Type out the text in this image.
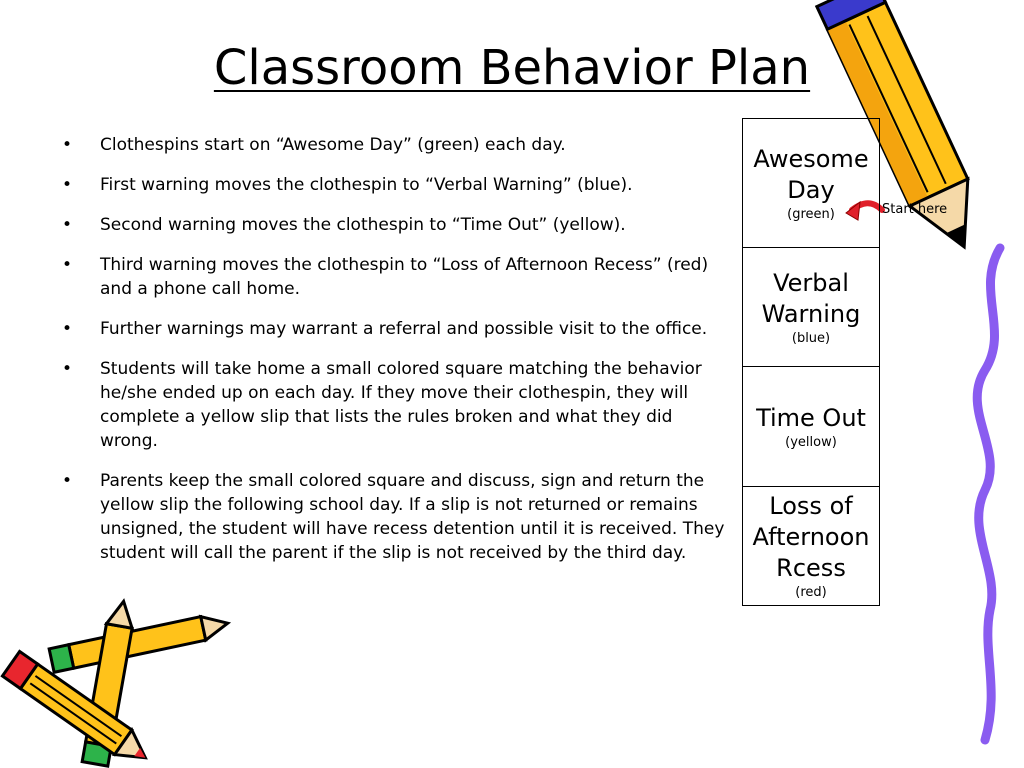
Classroom Behavior Plan
• Clothespins start on “Awesome Day” (green) each day.
• First warning moves the clothespin to “Verbal Warning” (blue).
• Second warning moves the clothespin to “Time Out” (yellow).
• Third warning moves the clothespin to “Loss of Afternoon Recess” (red) and a phone call home.
• Further warnings may warrant a referral and possible visit to the office.
• Students will take home a small colored square matching the behavior he/she ended up on each day. If they move their clothespin, they will complete a yellow slip that lists the rules broken and what they did wrong.
• Parents keep the small colored square and discuss, sign and return the yellow slip the following school day. If a slip is not returned or remains unsigned, the student will have recess detention until it is received. They student will call the parent if the slip is not received by the third day.
Awesome
Day
(green)
Verbal
Warning
(blue)
Time Out
(yellow)
Loss of
Afternoon
Rcess
(red)
Start here
